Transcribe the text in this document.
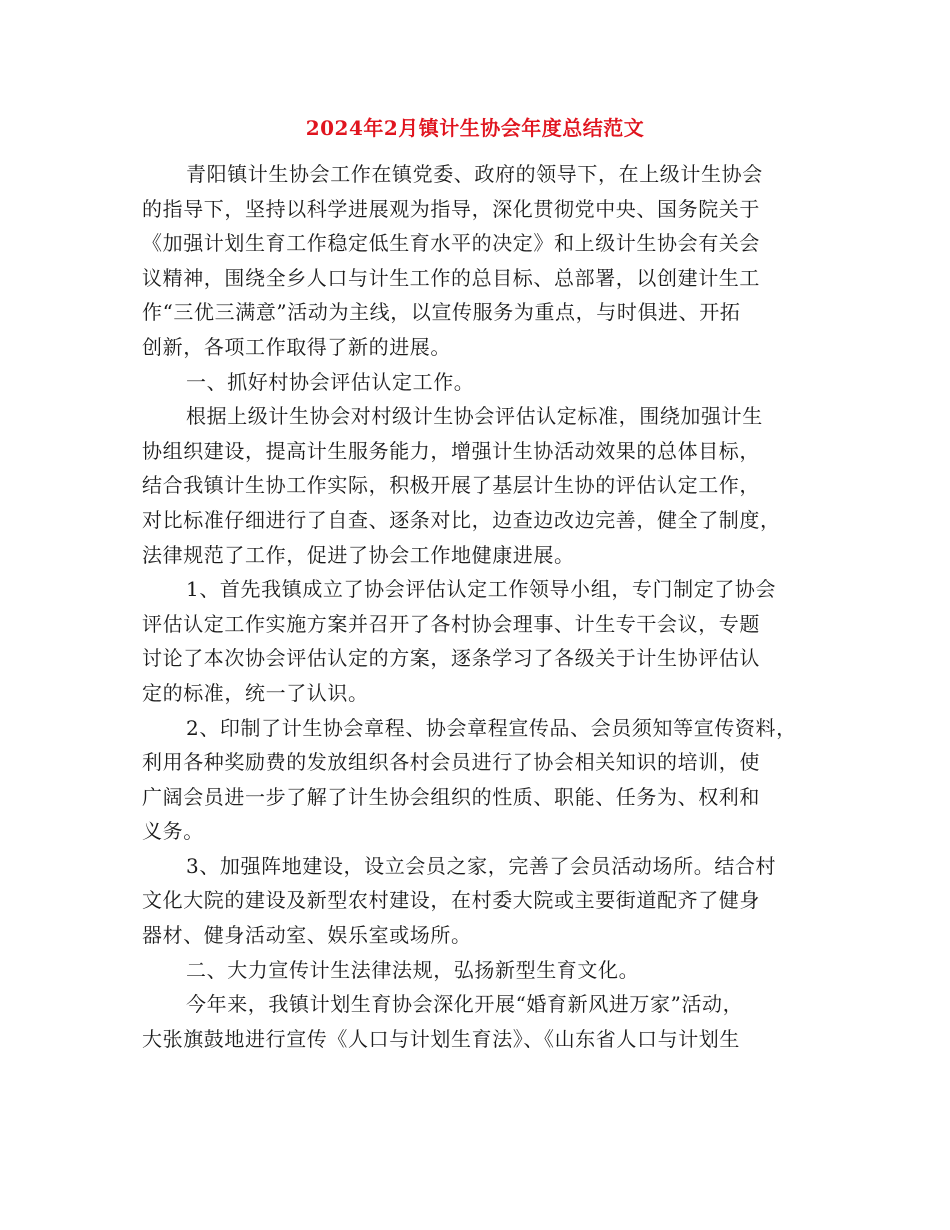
2024年2月镇计生协会年度总结范文
青阳镇计生协会工作在镇党委、政府的领导下，在上级计生协会
的指导下，坚持以科学进展观为指导，深化贯彻党中央、国务院关于
《加强计划生育工作稳定低生育水平的决定》和上级计生协会有关会
议精神，围绕全乡人口与计生工作的总目标、总部署，以创建计生工
作“三优三满意”活动为主线，以宣传服务为重点，与时俱进、开拓
创新，各项工作取得了新的进展。
一、抓好村协会评估认定工作。
根据上级计生协会对村级计生协会评估认定标准，围绕加强计生
协组织建设，提高计生服务能力，增强计生协活动效果的总体目标，
结合我镇计生协工作实际，积极开展了基层计生协的评估认定工作，
对比标准仔细进行了自查、逐条对比，边查边改边完善，健全了制度，
法律规范了工作，促进了协会工作地健康进展。
1、首先我镇成立了协会评估认定工作领导小组，专门制定了协会
评估认定工作实施方案并召开了各村协会理事、计生专干会议，专题
讨论了本次协会评估认定的方案，逐条学习了各级关于计生协评估认
定的标准，统一了认识。
2、印制了计生协会章程、协会章程宣传品、会员须知等宣传资料，
利用各种奖励费的发放组织各村会员进行了协会相关知识的培训，使
广阔会员进一步了解了计生协会组织的性质、职能、任务为、权利和
义务。
3、加强阵地建设，设立会员之家，完善了会员活动场所。结合村
文化大院的建设及新型农村建设，在村委大院或主要街道配齐了健身
器材、健身活动室、娱乐室或场所。
二、大力宣传计生法律法规，弘扬新型生育文化。
今年来，我镇计划生育协会深化开展“婚育新风进万家”活动，
大张旗鼓地进行宣传《人口与计划生育法》、《山东省人口与计划生
